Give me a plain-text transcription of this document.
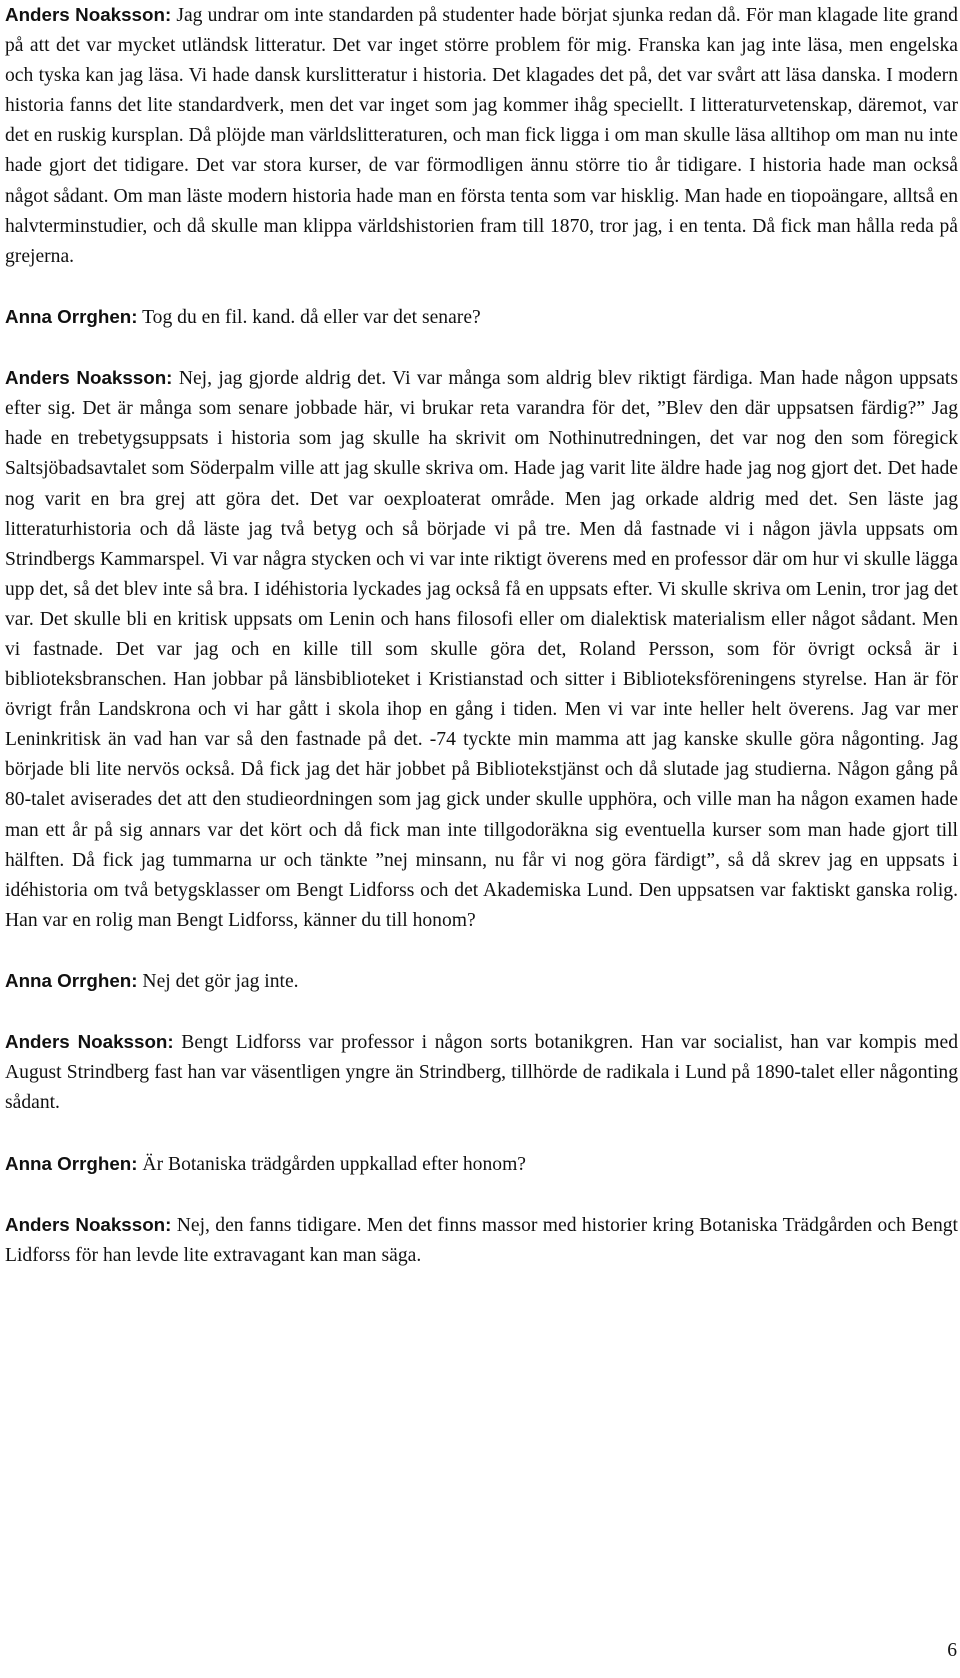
Anders Noaksson: Jag undrar om inte standarden på studenter hade börjat sjunka redan då. För man klagade lite grand på att det var mycket utländsk litteratur. Det var inget större problem för mig. Franska kan jag inte läsa, men engelska och tyska kan jag läsa. Vi hade dansk kurslitteratur i historia. Det klagades det på, det var svårt att läsa danska. I modern historia fanns det lite standardverk, men det var inget som jag kommer ihåg speciellt. I litteraturvetenskap, däremot, var det en ruskig kursplan. Då plöjde man världslitteraturen, och man fick ligga i om man skulle läsa alltihop om man nu inte hade gjort det tidigare. Det var stora kurser, de var förmodligen ännu större tio år tidigare. I historia hade man också något sådant. Om man läste modern historia hade man en första tenta som var hisklig. Man hade en tiopoängare, alltså en halvterminstudier, och då skulle man klippa världshistorien fram till 1870, tror jag, i en tenta. Då fick man hålla reda på grejerna.

Anna Orrghen: Tog du en fil. kand. då eller var det senare?

Anders Noaksson: Nej, jag gjorde aldrig det. Vi var många som aldrig blev riktigt färdiga. Man hade någon uppsats efter sig. Det är många som senare jobbade här, vi brukar reta varandra för det, ”Blev den där uppsatsen färdig?” Jag hade en trebetygsuppsats i historia som jag skulle ha skrivit om Nothinutredningen, det var nog den som föregick Saltsjöbadsavtalet som Söderpalm ville att jag skulle skriva om. Hade jag varit lite äldre hade jag nog gjort det. Det hade nog varit en bra grej att göra det. Det var oexploaterat område. Men jag orkade aldrig med det. Sen läste jag litteraturhistoria och då läste jag två betyg och så började vi på tre. Men då fastnade vi i någon jävla uppsats om Strindbergs Kammarspel. Vi var några stycken och vi var inte riktigt överens med en professor där om hur vi skulle lägga upp det, så det blev inte så bra. I idéhistoria lyckades jag också få en uppsats efter. Vi skulle skriva om Lenin, tror jag det var. Det skulle bli en kritisk uppsats om Lenin och hans filosofi eller om dialektisk materialism eller något sådant. Men vi fastnade. Det var jag och en kille till som skulle göra det, Roland Persson, som för övrigt också är i biblioteksbranschen. Han jobbar på länsbiblioteket i Kristianstad och sitter i Biblioteksföreningens styrelse. Han är för övrigt från Landskrona och vi har gått i skola ihop en gång i tiden. Men vi var inte heller helt överens. Jag var mer Leninkritisk än vad han var så den fastnade på det. -74 tyckte min mamma att jag kanske skulle göra någonting. Jag började bli lite nervös också. Då fick jag det här jobbet på Bibliotekstjänst och då slutade jag studierna. Någon gång på 80-talet aviserades det att den studieordningen som jag gick under skulle upphöra, och ville man ha någon examen hade man ett år på sig annars var det kört och då fick man inte tillgodoräkna sig eventuella kurser som man hade gjort till hälften. Då fick jag tummarna ur och tänkte ”nej minsann, nu får vi nog göra färdigt”, så då skrev jag en uppsats i idéhistoria om två betygsklasser om Bengt Lidforss och det Akademiska Lund. Den uppsatsen var faktiskt ganska rolig. Han var en rolig man Bengt Lidforss, känner du till honom?

Anna Orrghen: Nej det gör jag inte.

Anders Noaksson: Bengt Lidforss var professor i någon sorts botanikgren. Han var socialist, han var kompis med August Strindberg fast han var väsentligen yngre än Strindberg, tillhörde de radikala i Lund på 1890-talet eller någonting sådant.

Anna Orrghen: Är Botaniska trädgården uppkallad efter honom?

Anders Noaksson: Nej, den fanns tidigare. Men det finns massor med historier kring Botaniska Trädgården och Bengt Lidforss för han levde lite extravagant kan man säga.

6
